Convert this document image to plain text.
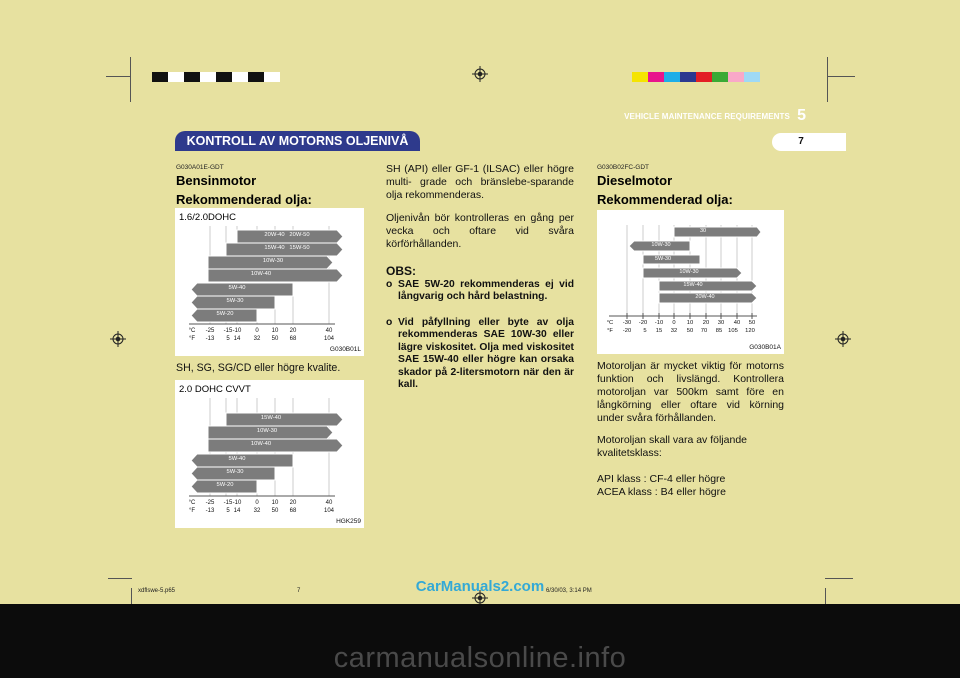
KONTROLL AV MOTORNS OLJENIVÅ
VEHICLE MAINTENANCE REQUIREMENTS 5
7
G030A01E-GDT
Bensinmotor
Rekommenderad olja:
1.6/2.0DOHC
20W-40   20W-50
15W-40   15W-50
10W-30
10W-40
5W-40
5W-30
5W-20
°C -25 -15 -10 0 10 20	40
°F -13 5 14 32 50 68	104
G030B01L
SH, SG, SG/CD eller högre kvalite.
2.0 DOHC CVVT
15W-40
10W-30
10W-40
5W-40
5W-30
5W-20
°C -25 -15 -10 0 10 20	40
°F -13 5 14 32 50 68	104
HGK259
SH (API) eller GF-1 (ILSAC) eller högre multi- grade och bränslebe-sparande olja rekommenderas.
Oljenivån bör kontrolleras en gång per vecka och oftare vid svåra körförhållanden.
OBS:
o SAE 5W-20 rekommenderas ej vid långvarig och hård belastning.
o Vid påfyllning eller byte av olja rekommenderas SAE 10W-30 eller lägre viskositet. Olja med viskositet SAE 15W-40 eller högre kan orsaka skador på 2-litersmotorn när den är kall.
G030B02FC-GDT
Dieselmotor
Rekommenderad olja:
30
10W-30
5W-30
10W-30
15W-40
20W-40
°C -30 -20 -10 0 10 20 30 40 50
°F -20 5 15 32 50 70 85 105 120
G030B01A
Motoroljan är mycket viktig för motorns funktion och livslängd. Kontrollera motoroljan var 500km samt före en långkörning eller oftare vid körning under svåra förhållanden.
Motoroljan skall vara av följande kvalitetsklass:
API klass : CF-4 eller högre
ACEA klass : B4 eller högre
xdflswe-5.p65	7	6/30/03, 3:14 PM
CarManuals2.com
carmanualsonline.info
